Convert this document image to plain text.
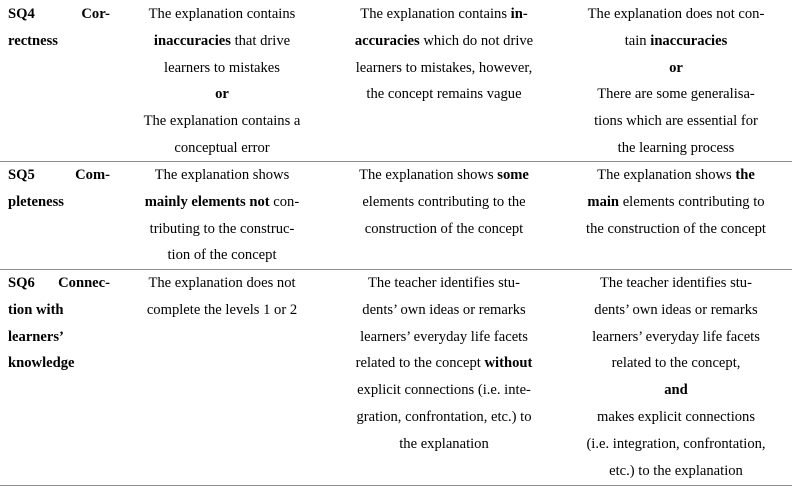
SQ4 Cor-
rectness
The explanation contains
inaccuracies that drive
learners to mistakes
or
The explanation contains a
conceptual error
The explanation contains in-
accuracies which do not drive
learners to mistakes, however,
the concept remains vague
The explanation does not con-
tain inaccuracies
or
There are some generalisa-
tions which are essential for
the learning process
SQ5 Com-
pleteness
The explanation shows
mainly elements not con-
tributing to the construc-
tion of the concept
The explanation shows some
elements contributing to the
construction of the concept
The explanation shows the
main elements contributing to
the construction of the concept
SQ6 Connec-
tion with
learners’
knowledge
The explanation does not
complete the levels 1 or 2
The teacher identifies stu-
dents’ own ideas or remarks
learners’ everyday life facets
related to the concept without
explicit connections (i.e. inte-
gration, confrontation, etc.) to
the explanation
The teacher identifies stu-
dents’ own ideas or remarks
learners’ everyday life facets
related to the concept,
and
makes explicit connections
(i.e. integration, confrontation,
etc.) to the explanation
